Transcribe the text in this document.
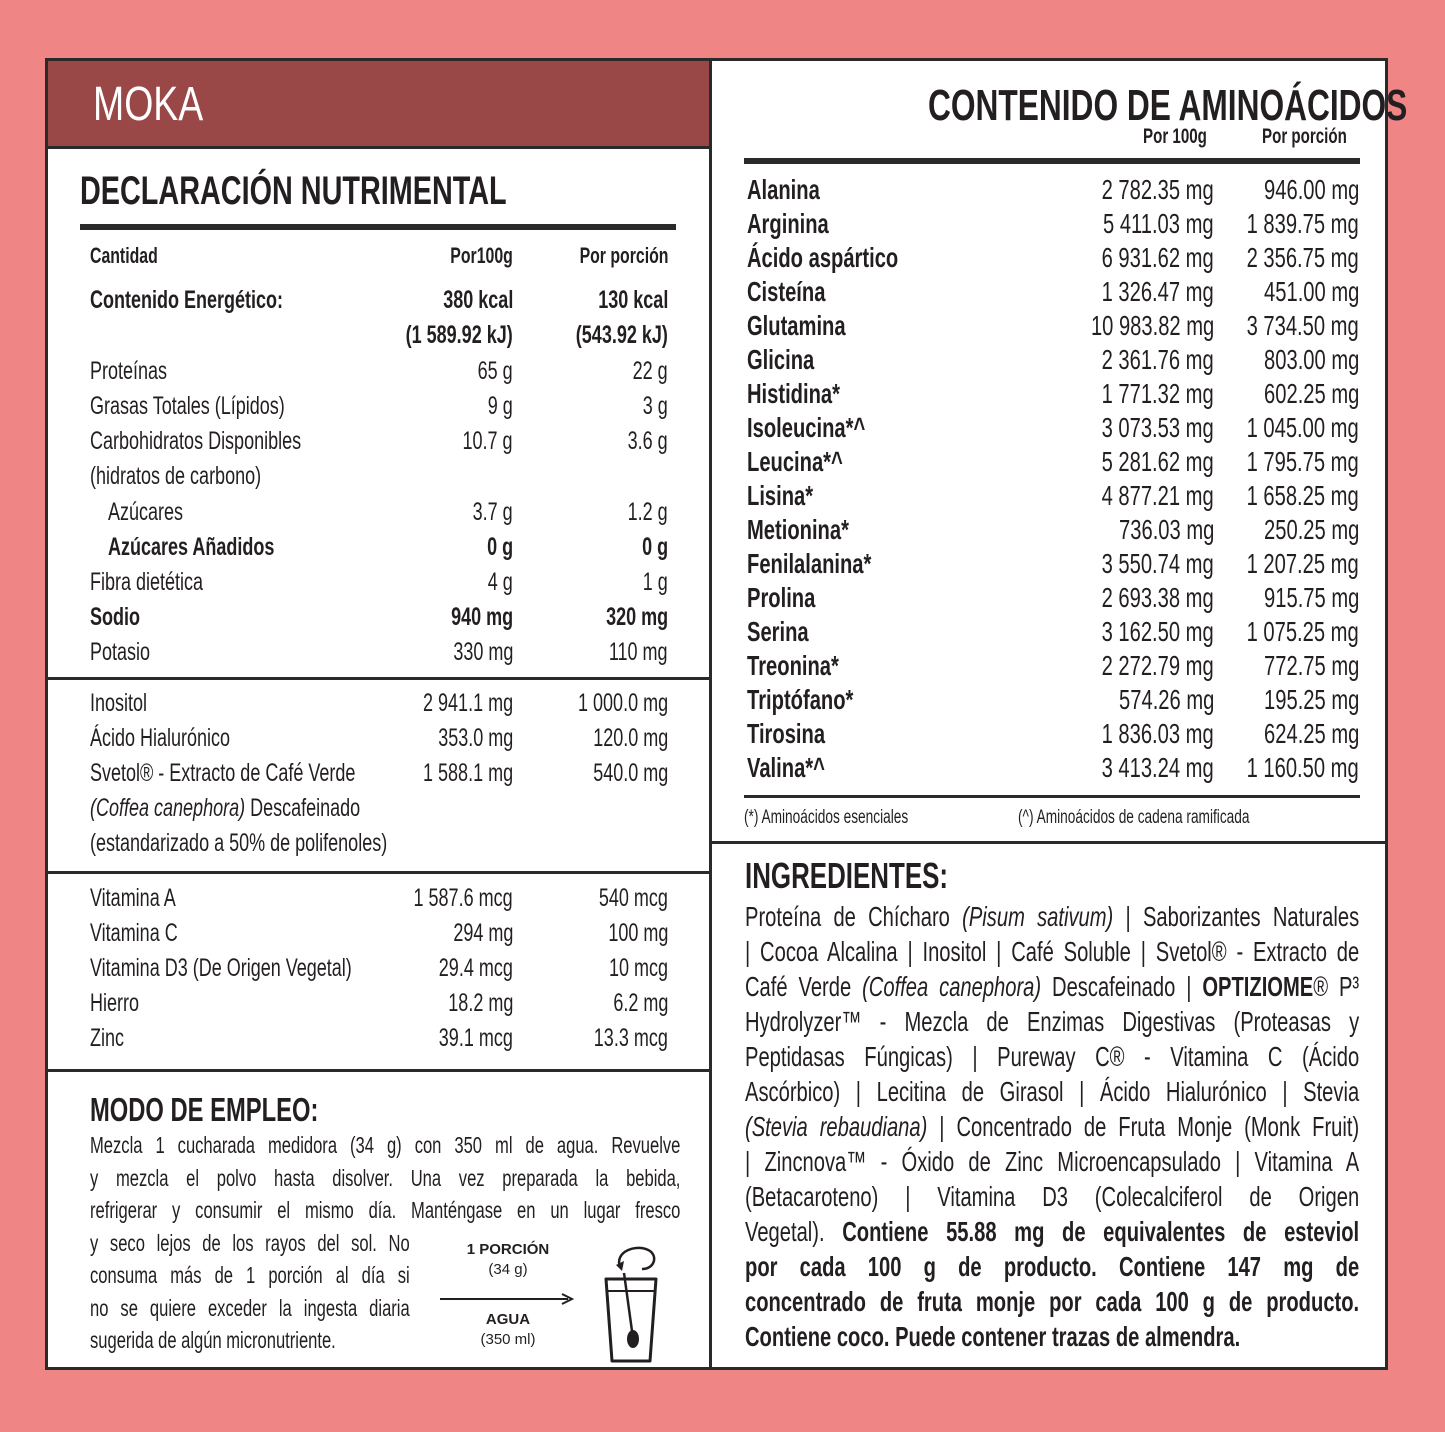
MOKA
DECLARACIÓN NUTRIMENTAL
Cantidad	Por100g	Por porción
Contenido Energético:	380 kcal	130 kcal
(1 589.92 kJ)	(543.92 kJ)
Proteínas	65 g	22 g
Grasas Totales (Lípidos)	9 g	3 g
Carbohidratos Disponibles	10.7 g	3.6 g
(hidratos de carbono)
Azúcares	3.7 g	1.2 g
Azúcares Añadidos	0 g	0 g
Fibra dietética	4 g	1 g
Sodio	940 mg	320 mg
Potasio	330 mg	110 mg
Inositol	2 941.1 mg	1 000.0 mg
Ácido Hialurónico	353.0 mg	120.0 mg
Svetol® - Extracto de Café Verde	1 588.1 mg	540.0 mg
(Coffea canephora) Descafeinado
(estandarizado a 50% de polifenoles)
Vitamina A	1 587.6 mcg	540 mcg
Vitamina C	294 mg	100 mg
Vitamina D3 (De Origen Vegetal)	29.4 mcg	10 mcg
Hierro	18.2 mg	6.2 mg
Zinc	39.1 mcg	13.3 mcg
MODO DE EMPLEO:
Mezcla 1 cucharada medidora (34 g) con 350 ml de agua. Revuelve
y mezcla el polvo hasta disolver. Una vez preparada la bebida,
refrigerar y consumir el mismo día. Manténgase en un lugar fresco
y seco lejos de los rayos del sol. No
consuma más de 1 porción al día si
no se quiere exceder la ingesta diaria
sugerida de algún micronutriente.
1 PORCIÓN
(34 g)
AGUA
(350 ml)
CONTENIDO DE AMINOÁCIDOS
Por 100g	Por porción
Alanina	2 782.35 mg	946.00 mg
Arginina	5 411.03 mg	1 839.75 mg
Ácido aspártico	6 931.62 mg	2 356.75 mg
Cisteína	1 326.47 mg	451.00 mg
Glutamina	10 983.82 mg	3 734.50 mg
Glicina	2 361.76 mg	803.00 mg
Histidina*	1 771.32 mg	602.25 mg
Isoleucina*^	3 073.53 mg	1 045.00 mg
Leucina*^	5 281.62 mg	1 795.75 mg
Lisina*	4 877.21 mg	1 658.25 mg
Metionina*	736.03 mg	250.25 mg
Fenilalanina*	3 550.74 mg	1 207.25 mg
Prolina	2 693.38 mg	915.75 mg
Serina	3 162.50 mg	1 075.25 mg
Treonina*	2 272.79 mg	772.75 mg
Triptófano*	574.26 mg	195.25 mg
Tirosina	1 836.03 mg	624.25 mg
Valina*^	3 413.24 mg	1 160.50 mg
(*) Aminoácidos esenciales	(^) Aminoácidos de cadena ramificada
INGREDIENTES:
Proteína de Chícharo (Pisum sativum) | Saborizantes Naturales
| Cocoa Alcalina | Inositol | Café Soluble | Svetol® - Extracto de
Café Verde (Coffea canephora) Descafeinado | OPTIZIOME® P³
Hydrolyzer™ - Mezcla de Enzimas Digestivas (Proteasas y
Peptidasas Fúngicas) | Pureway C® - Vitamina C (Ácido
Ascórbico) | Lecitina de Girasol | Ácido Hialurónico | Stevia
(Stevia rebaudiana) | Concentrado de Fruta Monje (Monk Fruit)
| Zincnova™ - Óxido de Zinc Microencapsulado | Vitamina A
(Betacaroteno) | Vitamina D3 (Colecalciferol de Origen
Vegetal). Contiene 55.88 mg de equivalentes de esteviol
por cada 100 g de producto. Contiene 147 mg de
concentrado de fruta monje por cada 100 g de producto.
Contiene coco. Puede contener trazas de almendra.
